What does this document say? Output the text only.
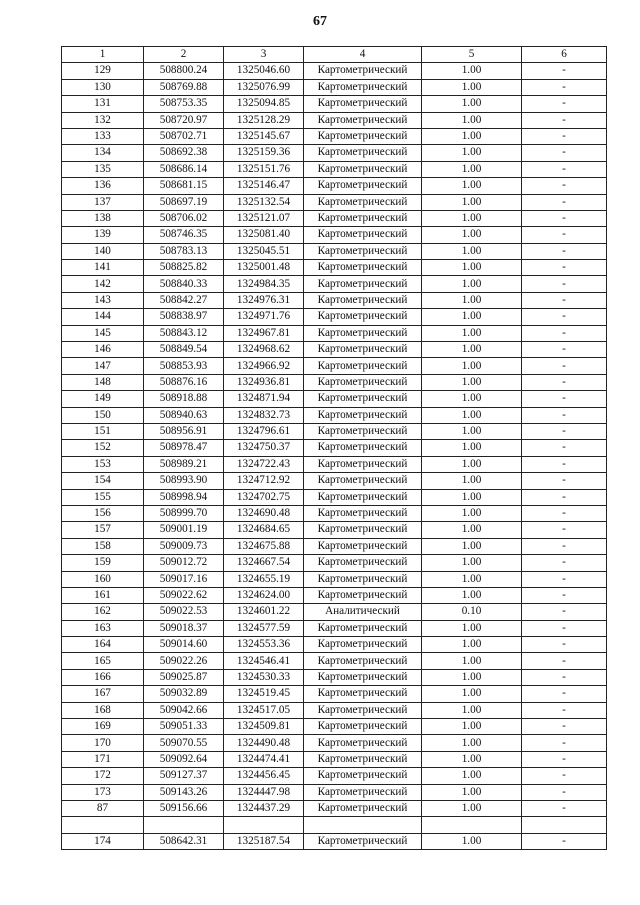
67
1	2	3	4	5	6
129	508800.24	1325046.60	Картометрический	1.00	-
130	508769.88	1325076.99	Картометрический	1.00	-
131	508753.35	1325094.85	Картометрический	1.00	-
132	508720.97	1325128.29	Картометрический	1.00	-
133	508702.71	1325145.67	Картометрический	1.00	-
134	508692.38	1325159.36	Картометрический	1.00	-
135	508686.14	1325151.76	Картометрический	1.00	-
136	508681.15	1325146.47	Картометрический	1.00	-
137	508697.19	1325132.54	Картометрический	1.00	-
138	508706.02	1325121.07	Картометрический	1.00	-
139	508746.35	1325081.40	Картометрический	1.00	-
140	508783.13	1325045.51	Картометрический	1.00	-
141	508825.82	1325001.48	Картометрический	1.00	-
142	508840.33	1324984.35	Картометрический	1.00	-
143	508842.27	1324976.31	Картометрический	1.00	-
144	508838.97	1324971.76	Картометрический	1.00	-
145	508843.12	1324967.81	Картометрический	1.00	-
146	508849.54	1324968.62	Картометрический	1.00	-
147	508853.93	1324966.92	Картометрический	1.00	-
148	508876.16	1324936.81	Картометрический	1.00	-
149	508918.88	1324871.94	Картометрический	1.00	-
150	508940.63	1324832.73	Картометрический	1.00	-
151	508956.91	1324796.61	Картометрический	1.00	-
152	508978.47	1324750.37	Картометрический	1.00	-
153	508989.21	1324722.43	Картометрический	1.00	-
154	508993.90	1324712.92	Картометрический	1.00	-
155	508998.94	1324702.75	Картометрический	1.00	-
156	508999.70	1324690.48	Картометрический	1.00	-
157	509001.19	1324684.65	Картометрический	1.00	-
158	509009.73	1324675.88	Картометрический	1.00	-
159	509012.72	1324667.54	Картометрический	1.00	-
160	509017.16	1324655.19	Картометрический	1.00	-
161	509022.62	1324624.00	Картометрический	1.00	-
162	509022.53	1324601.22	Аналитический	0.10	-
163	509018.37	1324577.59	Картометрический	1.00	-
164	509014.60	1324553.36	Картометрический	1.00	-
165	509022.26	1324546.41	Картометрический	1.00	-
166	509025.87	1324530.33	Картометрический	1.00	-
167	509032.89	1324519.45	Картометрический	1.00	-
168	509042.66	1324517.05	Картометрический	1.00	-
169	509051.33	1324509.81	Картометрический	1.00	-
170	509070.55	1324490.48	Картометрический	1.00	-
171	509092.64	1324474.41	Картометрический	1.00	-
172	509127.37	1324456.45	Картометрический	1.00	-
173	509143.26	1324447.98	Картометрический	1.00	-
87	509156.66	1324437.29	Картометрический	1.00	-

174	508642.31	1325187.54	Картометрический	1.00	-
